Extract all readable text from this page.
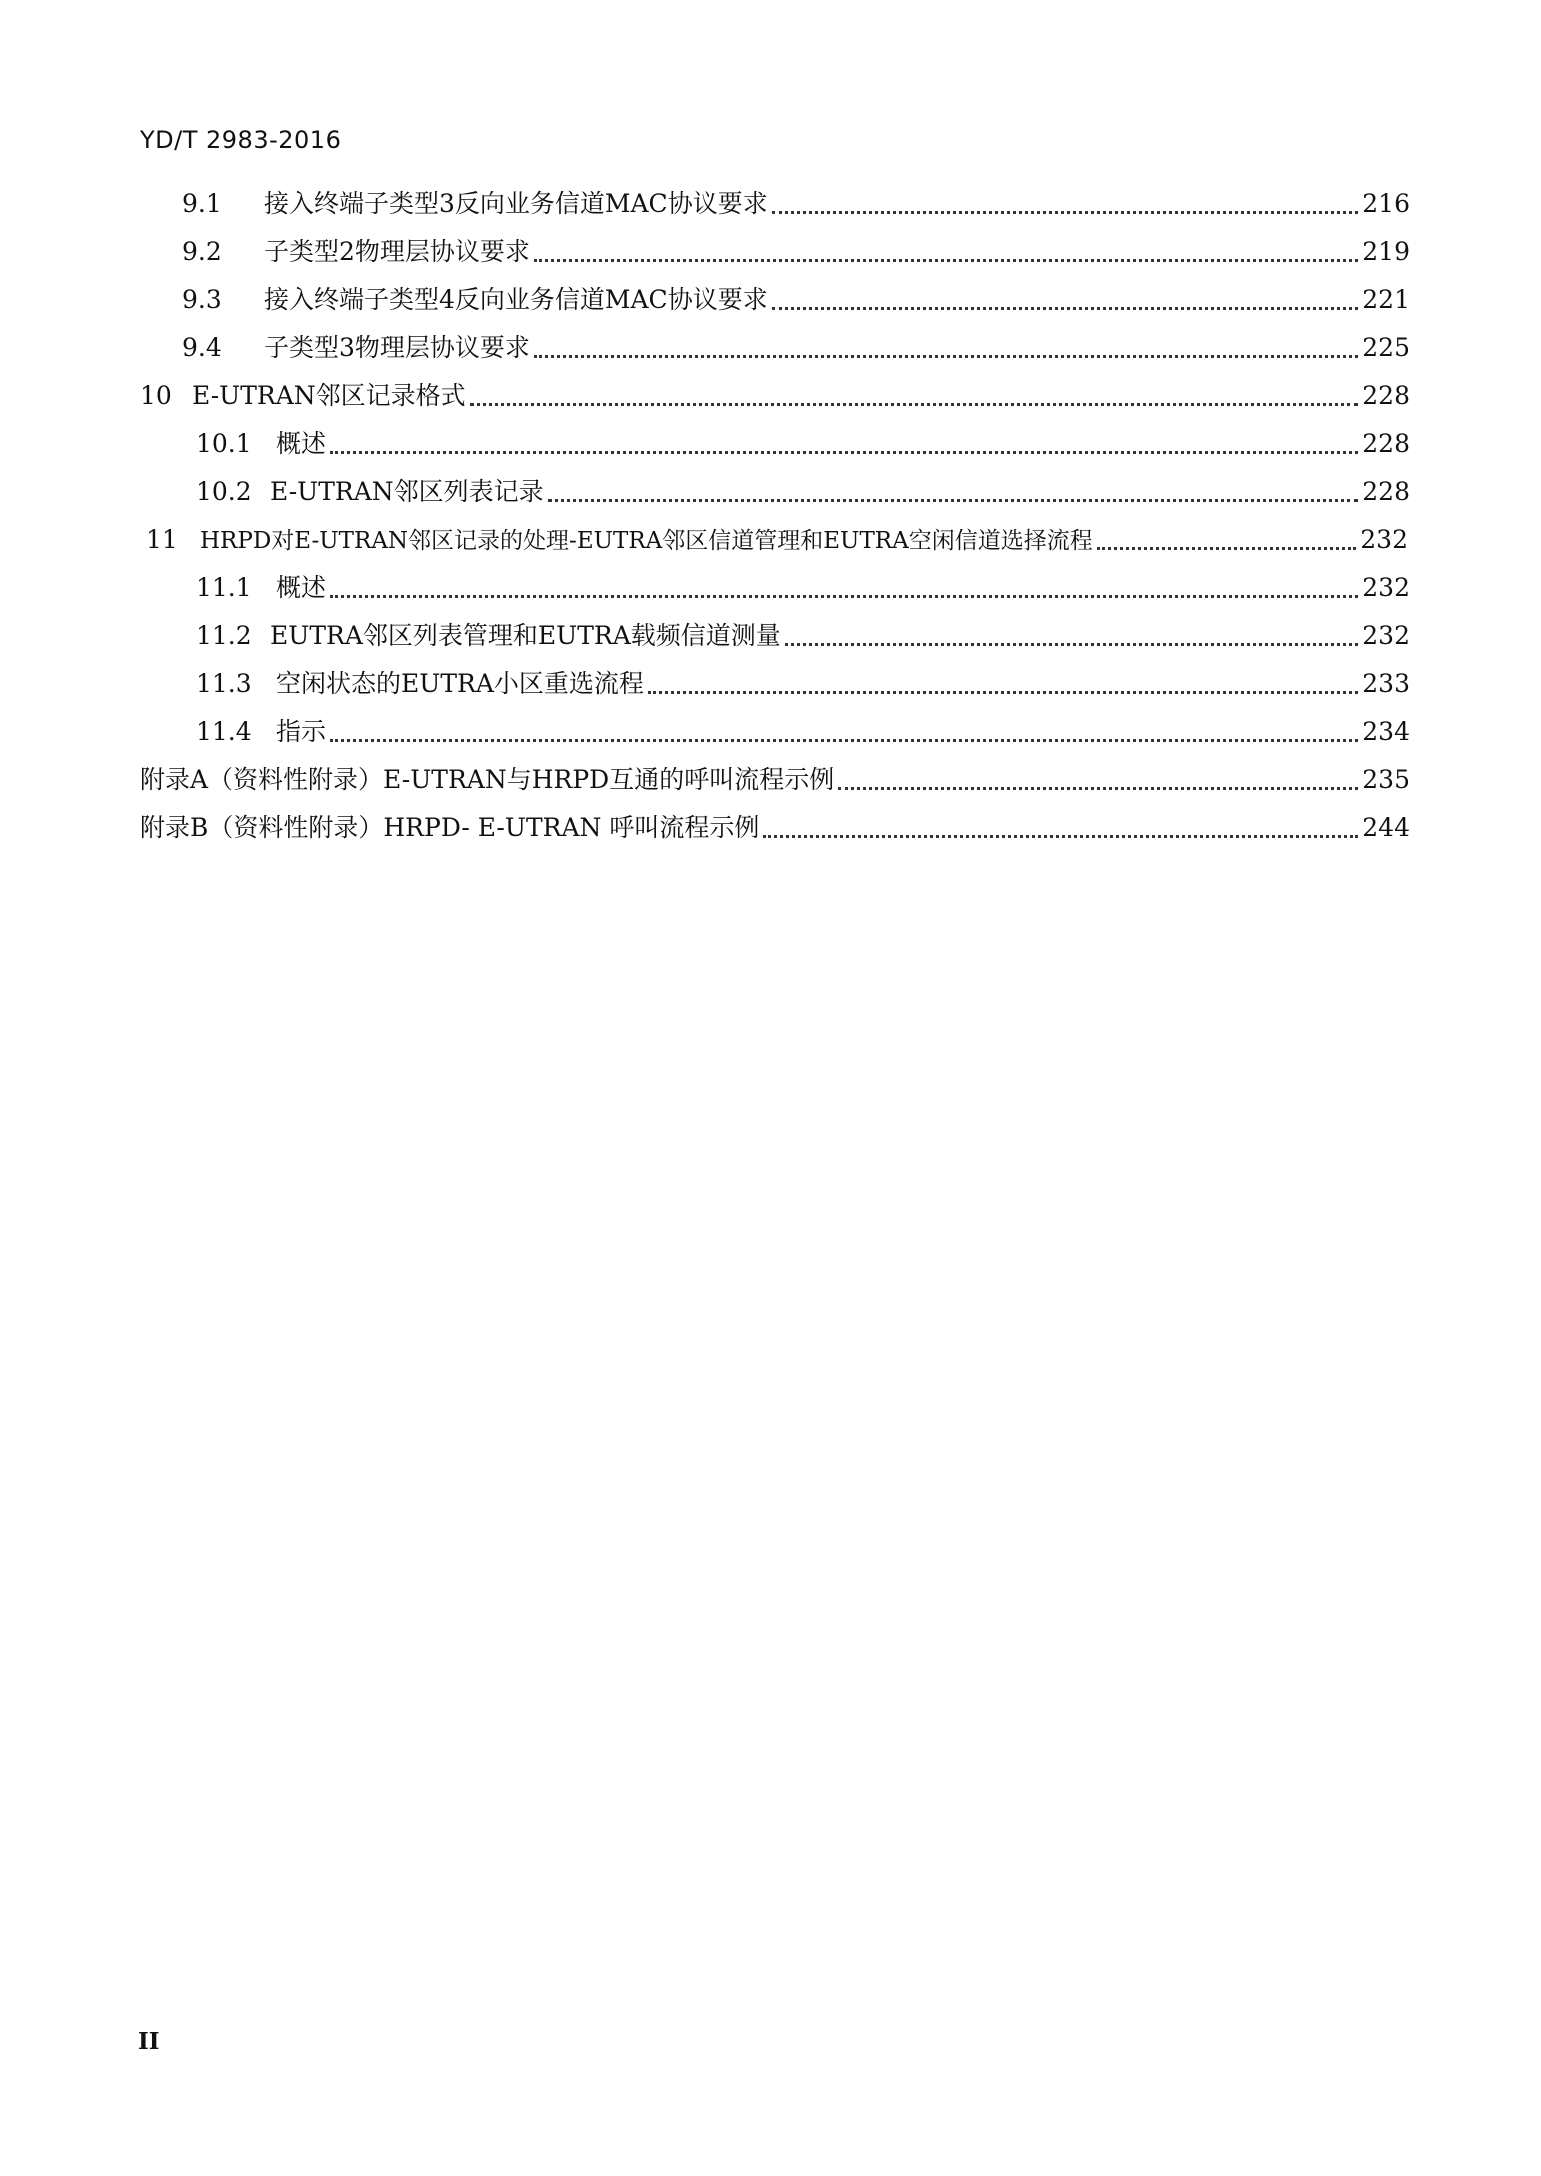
YD/T 2983-2016
9.1	接入终端子类型3反向业务信道MAC协议要求	216
9.2	子类型2物理层协议要求	219
9.3	接入终端子类型4反向业务信道MAC协议要求	221
9.4	子类型3物理层协议要求	225
10 E-UTRAN邻区记录格式	228
10.1 概述	228
10.2 E-UTRAN邻区列表记录	228
11 HRPD对E-UTRAN邻区记录的处理-EUTRA邻区信道管理和EUTRA空闲信道选择流程	232
11.1 概述	232
11.2 EUTRA邻区列表管理和EUTRA载频信道测量	232
11.3 空闲状态的EUTRA小区重选流程	233
11.4 指示	234
附录A（资料性附录）E-UTRAN与HRPD互通的呼叫流程示例	235
附录B（资料性附录）HRPD- E-UTRAN 呼叫流程示例	244
II
